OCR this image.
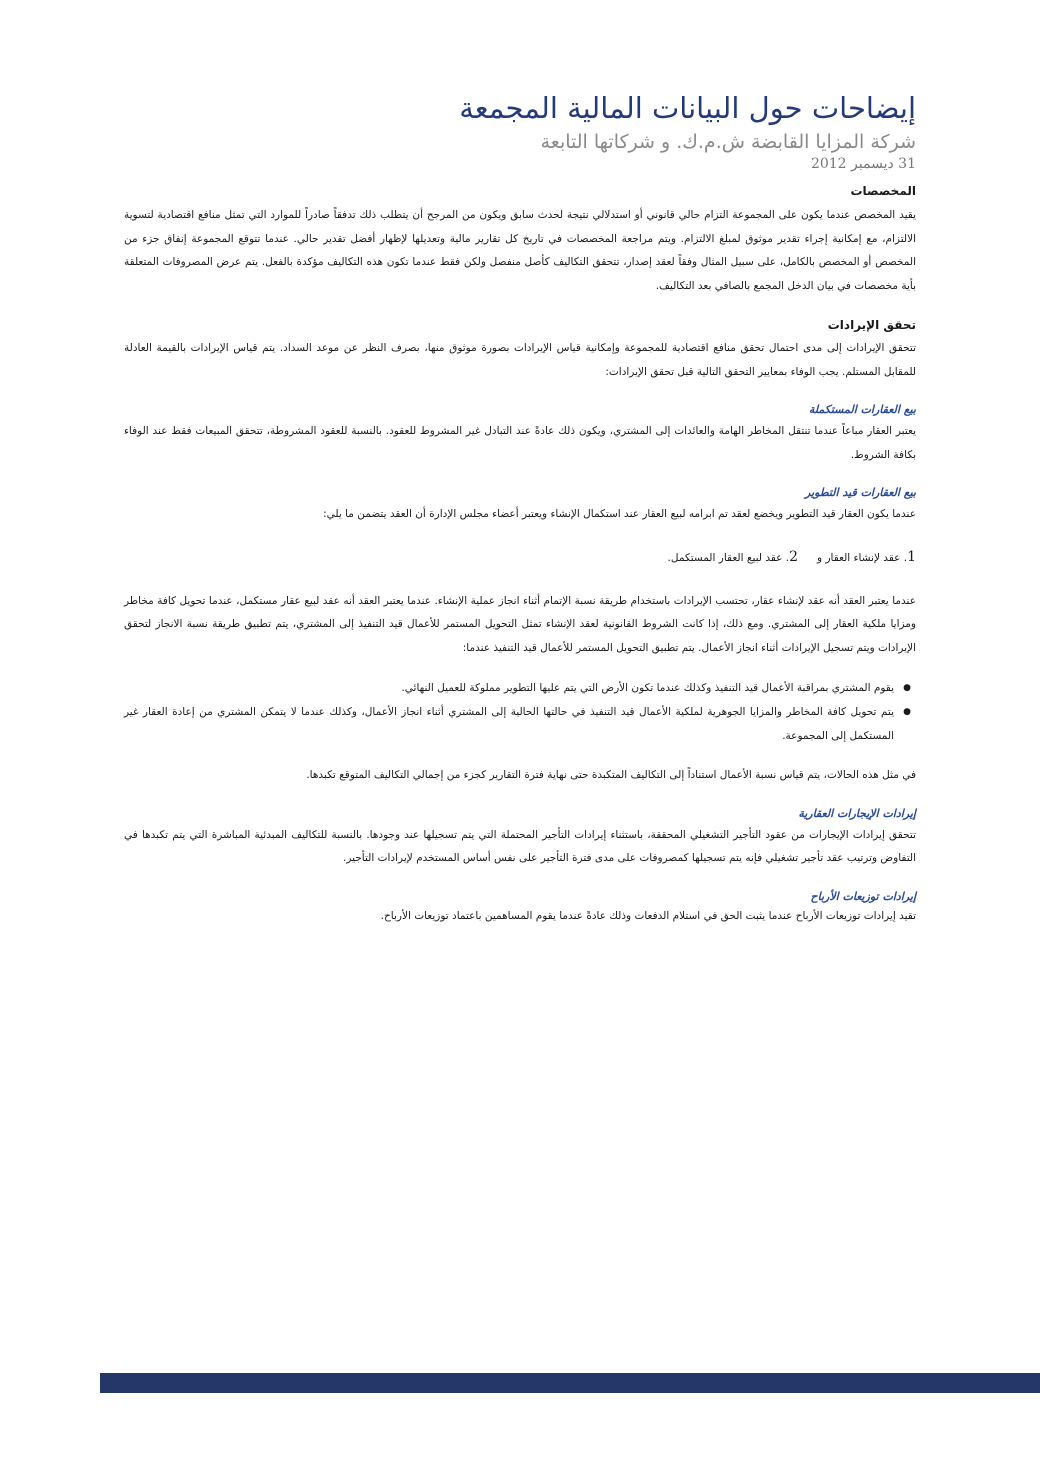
إيضاحات حول البيانات المالية المجمعة
شركة المزايا القابضة ش.م.ك. و شركاتها التابعة
31 ديسمبر 2012
المخصصات

يقيد المخصص عندما يكون على المجموعة التزام حالي قانوني أو استدلالي نتيجة لحدث سابق ويكون من المرجح أن يتطلب ذلك تدفقاً صادراً للموارد التي تمثل منافع اقتصادية لتسوية الالتزام، مع إمكانية إجراء تقدير موثوق لمبلغ الالتزام. ويتم مراجعة المخصصات في تاريخ كل تقارير مالية وتعديلها لإظهار أفضل تقدير حالي. عندما تتوقع المجموعة إنفاق جزء من المخصص أو المخصص بالكامل، على سبيل المثال وفقاً لعقد إصدار، تتحقق التكاليف كأصل منفصل ولكن فقط عندما تكون هذه التكاليف مؤكدة بالفعل. يتم عرض المصروفات المتعلقة بأية مخصصات في بيان الدخل المجمع بالصافي بعد التكاليف.

تحقق الإيرادات

تتحقق الإيرادات إلى مدى احتمال تحقق منافع اقتصادية للمجموعة وإمكانية قياس الإيرادات بصورة موثوق منها، بصرف النظر عن موعد السداد. يتم قياس الإيرادات بالقيمة العادلة للمقابل المستلم. يجب الوفاء بمعايير التحقق التالية قبل تحقق الإيرادات:

بيع العقارات المستكملة

يعتبر العقار مباعاً عندما تنتقل المخاطر الهامة والعائدات إلى المشتري، ويكون ذلك عادةً عند التبادل غير المشروط للعقود. بالنسبة للعقود المشروطة، تتحقق المبيعات فقط عند الوفاء بكافة الشروط.

بيع العقارات قيد التطوير

عندما يكون العقار قيد التطوير ويخضع لعقد تم ابرامه لبيع العقار عند استكمال الإنشاء ويعتبر أعضاء مجلس الإدارة أن العقد يتضمن ما يلي:

1. عقد لإنشاء العقار و
2. عقد لبيع العقار المستكمل.

عندما يعتبر العقد أنه عقد لإنشاء عقار، تحتسب الإيرادات باستخدام طريقة نسبة الإتمام أثناء انجاز عملية الإنشاء. عندما يعتبر العقد أنه عقد لبيع عقار مستكمل، عندما تحويل كافة مخاطر ومزايا ملكية العقار إلى المشتري. ومع ذلك، إذا كانت الشروط القانونية لعقد الإنشاء تمثل التحويل المستمر للأعمال قيد التنفيذ إلى المشتري، يتم تطبيق طريقة نسبة الانجاز لتحقق الإيرادات ويتم تسجيل الإيرادات أثناء انجاز الأعمال. يتم تطبيق التحويل المستمر للأعمال قيد التنفيذ عندما:

●
يقوم المشتري بمراقبة الأعمال قيد التنفيذ وكذلك عندما تكون الأرض التي يتم عليها التطوير مملوكة للعميل النهائي.
●
يتم تحويل كافة المخاطر والمزايا الجوهرية لملكية الأعمال قيد التنفيذ في حالتها الحالية إلى المشتري أثناء انجاز الأعمال، وكذلك عندما لا يتمكن المشتري من إعادة العقار غير المستكمل إلى المجموعة.

في مثل هذه الحالات، يتم قياس نسبة الأعمال استناداً إلى التكاليف المتكبدة حتى نهاية فترة التقارير كجزء من إجمالي التكاليف المتوقع تكبدها.

إيرادات الإيجارات العقارية

تتحقق إيرادات الإيجارات من عقود التأجير التشغيلي المحققة، باستثناء إيرادات التأجير المحتملة التي يتم تسجيلها عند وجودها. بالنسبة للتكاليف المبدئية المباشرة التي يتم تكبدها في التفاوض وترتيب عقد تأجير تشغيلي فإنه يتم تسجيلها كمصروفات على مدى فترة التأجير على نفس أساس المستخدم لإيرادات التأجير.

إيرادات توزيعات الأرباح

تقيد إيرادات توزيعات الأرباح عندما يثبت الحق في استلام الدفعات وذلك عادةً عندما يقوم المساهمين باعتماد توزيعات الأرباح.
